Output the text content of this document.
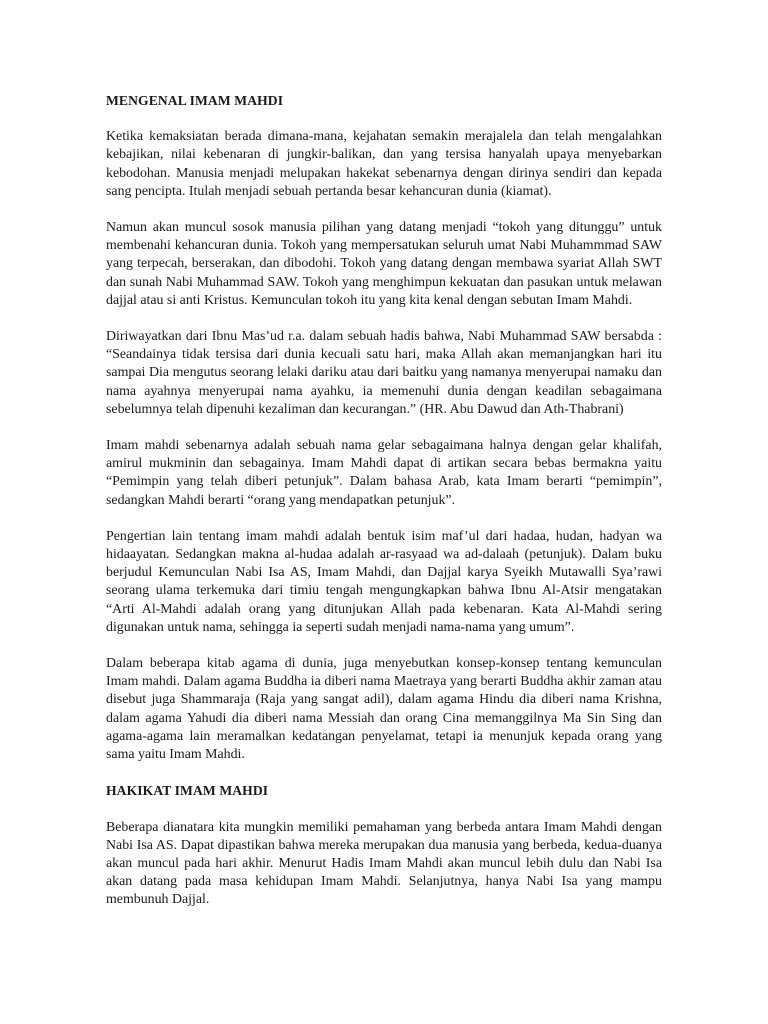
MENGENAL IMAM MAHDI

Ketika kemaksiatan berada dimana-mana, kejahatan semakin merajalela dan telah mengalahkan kebajikan, nilai kebenaran di jungkir-balikan, dan yang tersisa hanyalah upaya menyebarkan kebodohan. Manusia menjadi melupakan hakekat sebenarnya dengan dirinya sendiri dan kepada sang pencipta. Itulah menjadi sebuah pertanda besar kehancuran dunia (kiamat).

Namun akan muncul sosok manusia pilihan yang datang menjadi “tokoh yang ditunggu” untuk membenahi kehancuran dunia. Tokoh yang mempersatukan seluruh umat Nabi Muhammmad SAW yang terpecah, berserakan, dan dibodohi. Tokoh yang datang dengan membawa syariat Allah SWT dan sunah Nabi Muhammad SAW. Tokoh yang menghimpun kekuatan dan pasukan untuk melawan dajjal atau si anti Kristus. Kemunculan tokoh itu yang kita kenal dengan sebutan Imam Mahdi.

Diriwayatkan dari Ibnu Mas’ud r.a. dalam sebuah hadis bahwa, Nabi Muhammad SAW bersabda : “Seandainya tidak tersisa dari dunia kecuali satu hari, maka Allah akan memanjangkan hari itu sampai Dia mengutus seorang lelaki dariku atau dari baitku yang namanya menyerupai namaku dan nama ayahnya menyerupai nama ayahku, ia memenuhi dunia dengan keadilan sebagaimana sebelumnya telah dipenuhi kezaliman dan kecurangan.” (HR. Abu Dawud dan Ath-Thabrani)

Imam mahdi sebenarnya adalah sebuah nama gelar sebagaimana halnya dengan gelar khalifah, amirul mukminin dan sebagainya. Imam Mahdi dapat di artikan secara bebas bermakna yaitu “Pemimpin yang telah diberi petunjuk”. Dalam bahasa Arab, kata Imam berarti “pemimpin”, sedangkan Mahdi berarti “orang yang mendapatkan petunjuk”.

Pengertian lain tentang imam mahdi adalah bentuk isim maf’ul dari hadaa, hudan, hadyan wa hidaayatan. Sedangkan makna al-hudaa adalah ar-rasyaad wa ad-dalaah (petunjuk). Dalam buku berjudul Kemunculan Nabi Isa AS, Imam Mahdi, dan Dajjal karya Syeikh Mutawalli Sya’rawi seorang ulama terkemuka dari timiu tengah mengungkapkan bahwa Ibnu Al-Atsir mengatakan “Arti Al-Mahdi adalah orang yang ditunjukan Allah pada kebenaran. Kata Al-Mahdi sering digunakan untuk nama, sehingga ia seperti sudah menjadi nama-nama yang umum”.

Dalam beberapa kitab agama di dunia, juga menyebutkan konsep-konsep tentang kemunculan Imam mahdi. Dalam agama Buddha ia diberi nama Maetraya yang berarti Buddha akhir zaman atau disebut juga Shammaraja (Raja yang sangat adil), dalam agama Hindu dia diberi nama Krishna, dalam agama Yahudi dia diberi nama Messiah dan orang Cina memanggilnya Ma Sin Sing dan agama-agama lain meramalkan kedatangan penyelamat, tetapi ia menunjuk kepada orang yang sama yaitu Imam Mahdi.

HAKIKAT IMAM MAHDI

Beberapa dianatara kita mungkin memiliki pemahaman yang berbeda antara Imam Mahdi dengan Nabi Isa AS. Dapat dipastikan bahwa mereka merupakan dua manusia yang berbeda, kedua-duanya akan muncul pada hari akhir. Menurut Hadis Imam Mahdi akan muncul lebih dulu dan Nabi Isa akan datang pada masa kehidupan Imam Mahdi. Selanjutnya, hanya Nabi Isa yang mampu membunuh Dajjal.
